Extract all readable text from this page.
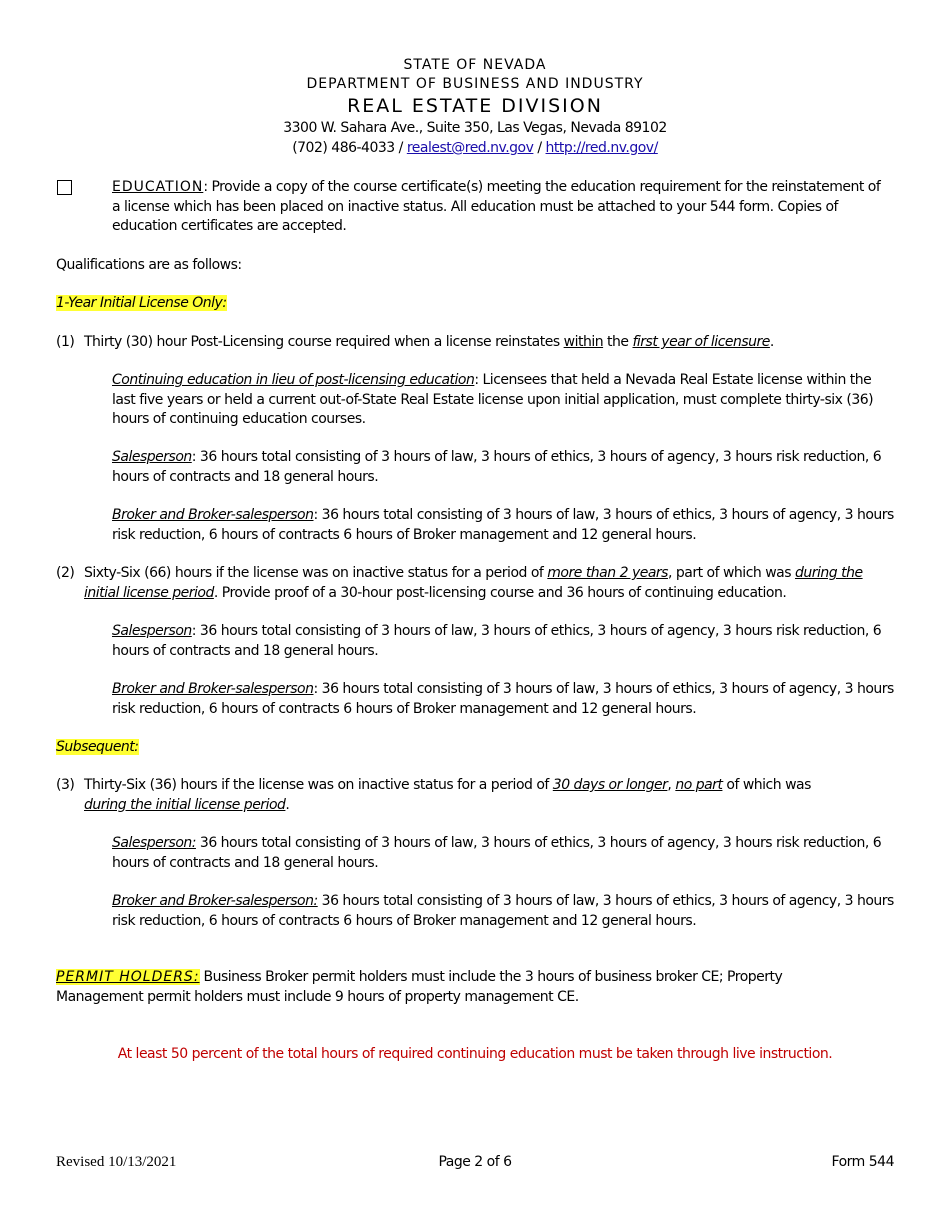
STATE OF NEVADA
DEPARTMENT OF BUSINESS AND INDUSTRY
REAL ESTATE DIVISION
3300 W. Sahara Ave., Suite 350, Las Vegas, Nevada 89102
(702) 486-4033 / realest@red.nv.gov / http://red.nv.gov/
EDUCATION: Provide a copy of the course certificate(s) meeting the education requirement for the reinstatement of a license which has been placed on inactive status. All education must be attached to your 544 form. Copies of education certificates are accepted.
Qualifications are as follows:
1-Year Initial License Only:
(1) Thirty (30) hour Post-Licensing course required when a license reinstates within the first year of licensure.
Continuing education in lieu of post-licensing education: Licensees that held a Nevada Real Estate license within the last five years or held a current out-of-State Real Estate license upon initial application, must complete thirty-six (36) hours of continuing education courses.
Salesperson: 36 hours total consisting of 3 hours of law, 3 hours of ethics, 3 hours of agency, 3 hours risk reduction, 6 hours of contracts and 18 general hours.
Broker and Broker-salesperson: 36 hours total consisting of 3 hours of law, 3 hours of ethics, 3 hours of agency, 3 hours risk reduction, 6 hours of contracts 6 hours of Broker management and 12 general hours.
(2) Sixty-Six (66) hours if the license was on inactive status for a period of more than 2 years, part of which was during the initial license period. Provide proof of a 30-hour post-licensing course and 36 hours of continuing education.
Salesperson: 36 hours total consisting of 3 hours of law, 3 hours of ethics, 3 hours of agency, 3 hours risk reduction, 6 hours of contracts and 18 general hours.
Broker and Broker-salesperson: 36 hours total consisting of 3 hours of law, 3 hours of ethics, 3 hours of agency, 3 hours risk reduction, 6 hours of contracts 6 hours of Broker management and 12 general hours.
Subsequent:
(3) Thirty-Six (36) hours if the license was on inactive status for a period of 30 days or longer, no part of which was
during the initial license period.
Salesperson: 36 hours total consisting of 3 hours of law, 3 hours of ethics, 3 hours of agency, 3 hours risk reduction, 6 hours of contracts and 18 general hours.
Broker and Broker-salesperson: 36 hours total consisting of 3 hours of law, 3 hours of ethics, 3 hours of agency, 3 hours risk reduction, 6 hours of contracts 6 hours of Broker management and 12 general hours.
PERMIT HOLDERS: Business Broker permit holders must include the 3 hours of business broker CE; Property Management permit holders must include 9 hours of property management CE.
At least 50 percent of the total hours of required continuing education must be taken through live instruction.
Revised 10/13/2021	Page 2 of 6	Form 544
